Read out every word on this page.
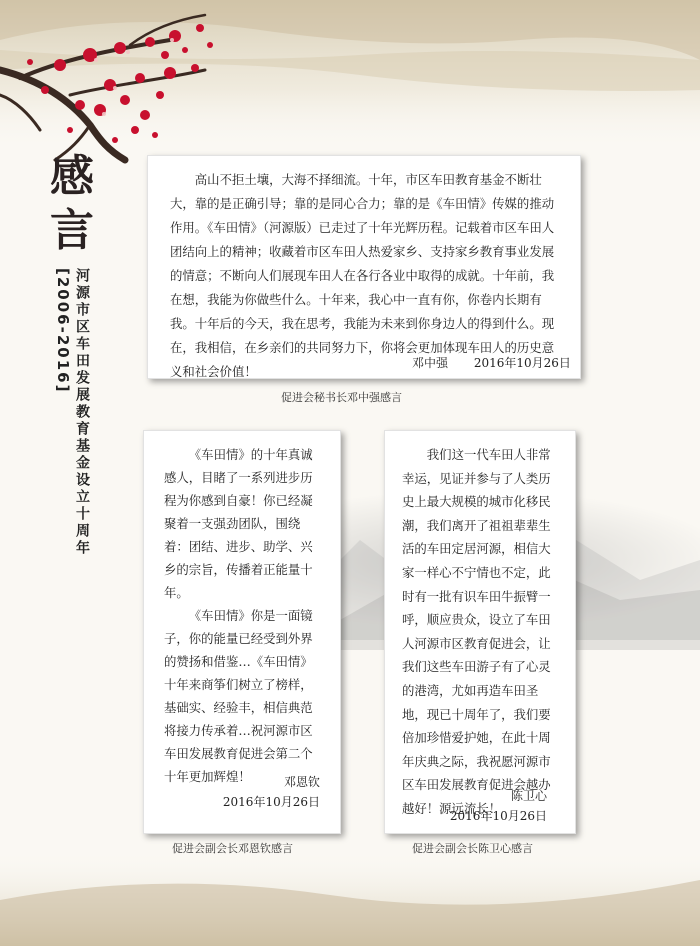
感言
[2006-2016] 河源市区车田发展教育基金设立十周年

高山不拒土壤，大海不择细流。十年，市区车田教育基金不断壮大，靠的是正确引导；靠的是同心合力；靠的是《车田情》传媒的推动作用。《车田情》（河源版）已走过了十年光辉历程。记载着市区车田人团结向上的精神；收藏着市区车田人热爱家乡、支持家乡教育事业发展的情意；不断向人们展现车田人在各行各业中取得的成就。十年前，我在想，我能为你做些什么。十年来，我心中一直有你，你卷内长期有我。十年后的今天，我在思考，我能为未来到你身边人的得到什么。现在，我相信，在乡亲们的共同努力下，你将会更加体现车田人的历史意义和社会价值！

邓中强 2016年10月26日
促进会秘书长邓中强感言

《车田情》的十年真诚感人，目睹了一系列进步历程为你感到自豪！你已经凝聚着一支强劲团队，围绕着：团结、进步、助学、兴乡的宗旨，传播着正能量十年。

《车田情》你是一面镜子，你的能量已经受到外界的赞扬和借鉴…《车田情》十年来商筝们树立了榜样，基础实、经验丰，相信典范将接力传承着…祝河源市区车田发展教育促进会第二个十年更加辉煌！	邓恩钦
2016年10月26日
促进会副会长邓恩钦感言

我们这一代车田人非常幸运，见证并参与了人类历史上最大规模的城市化移民潮，我们离开了祖祖辈辈生活的车田定居河源，相信大家一样心不宁情也不定，此时有一批有识车田牛振臂一呼，顺应贵众，设立了车田人河源市区教育促进会，让我们这些车田游子有了心灵的港湾，尤如再造车田圣地，现已十周年了，我们要倍加珍惜爱护她，在此十周年庆典之际，我祝愿河源市区车田发展教育促进会越办越好！源远流长！

陈卫心
2016年10月26日
促进会副会长陈卫心感言
